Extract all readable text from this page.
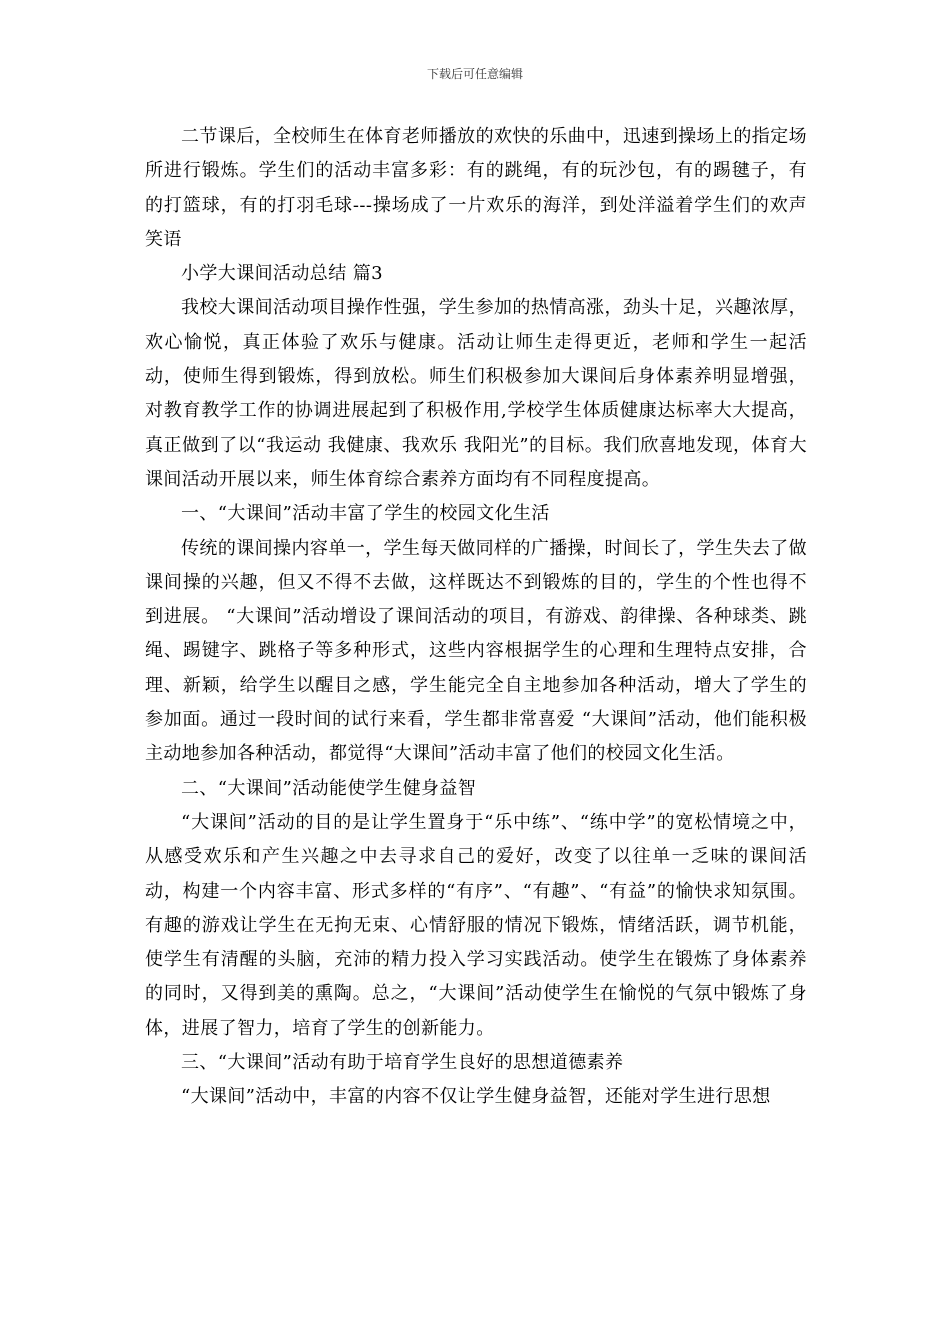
下载后可任意编辑

二节课后，全校师生在体育老师播放的欢快的乐曲中，迅速到操场上的指定场所进行锻炼。学生们的活动丰富多彩：有的跳绳，有的玩沙包，有的踢毽子，有的打篮球，有的打羽毛球---操场成了一片欢乐的海洋，到处洋溢着学生们的欢声笑语

小学大课间活动总结 篇3

我校大课间活动项目操作性强，学生参加的热情高涨，劲头十足，兴趣浓厚，欢心愉悦，真正体验了欢乐与健康。活动让师生走得更近，老师和学生一起活动，使师生得到锻炼，得到放松。师生们积极参加大课间后身体素养明显增强，对教育教学工作的协调进展起到了积极作用,学校学生体质健康达标率大大提高，真正做到了以“我运动 我健康、我欢乐 我阳光”的目标。我们欣喜地发现，体育大课间活动开展以来，师生体育综合素养方面均有不同程度提高。

一、“大课间”活动丰富了学生的校园文化生活

传统的课间操内容单一，学生每天做同样的广播操，时间长了，学生失去了做课间操的兴趣，但又不得不去做，这样既达不到锻炼的目的，学生的个性也得不到进展。 “大课间”活动增设了课间活动的项目，有游戏、韵律操、各种球类、跳绳、踢键字、跳格子等多种形式，这些内容根据学生的心理和生理特点安排，合理、新颖，给学生以醒目之感，学生能完全自主地参加各种活动，增大了学生的参加面。通过一段时间的试行来看，学生都非常喜爱 “大课间”活动，他们能积极主动地参加各种活动，都觉得“大课间”活动丰富了他们的校园文化生活。

二、“大课间”活动能使学生健身益智

“大课间”活动的目的是让学生置身于“乐中练”、“练中学”的宽松情境之中，从感受欢乐和产生兴趣之中去寻求自己的爱好，改变了以往单一乏味的课间活动，构建一个内容丰富、形式多样的“有序”、“有趣”、“有益”的愉快求知氛围。有趣的游戏让学生在无拘无束、心情舒服的情况下锻炼，情绪活跃，调节机能，使学生有清醒的头脑，充沛的精力投入学习实践活动。使学生在锻炼了身体素养的同时，又得到美的熏陶。总之，“大课间”活动使学生在愉悦的气氛中锻炼了身体，进展了智力，培育了学生的创新能力。

三、“大课间”活动有助于培育学生良好的思想道德素养

“大课间”活动中，丰富的内容不仅让学生健身益智，还能对学生进行思想
